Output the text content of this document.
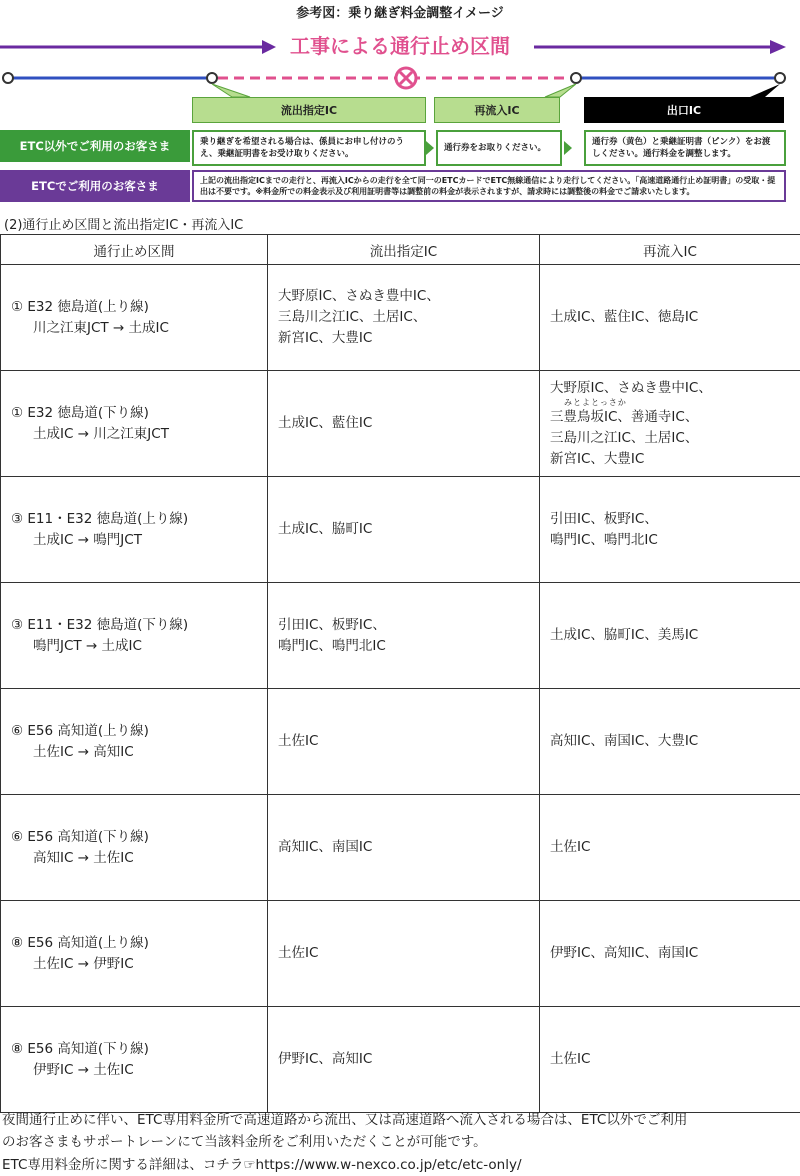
参考図：乗り継ぎ料金調整イメージ
工事による通行止め区間
流出指定IC	再流入IC	出口IC
ETC以外でご利用のお客さま
ETCでご利用のお客さま
乗り継ぎを希望される場合は、係員にお申し付けのうえ、乗継証明書をお受け取りください。
通行券をお取りください。
通行券（黄色）と乗継証明書（ピンク）をお渡しください。通行料金を調整します。
上記の流出指定ICまでの走行と、再流入ICからの走行を全て同一のETCカードでETC無線通信により走行してください。「高速道路通行止め証明書」の受取・提出は不要です。※料金所での料金表示及び利用証明書等は調整前の料金が表示されますが、請求時には調整後の料金でご請求いたします。
(2)通行止め区間と流出指定IC・再流入IC
通行止め区間	流出指定IC	再流入IC

① E32 徳島道(上り線)
川之江東JCT → 土成IC	大野原IC、さぬき豊中IC、
三島川之江IC、土居IC、
新宮IC、大豊IC	土成IC、藍住IC、徳島IC

① E32 徳島道(下り線)
土成IC → 川之江東JCT	土成IC、藍住IC	大野原IC、さぬき豊中IC、
みとよとっさか
三豊鳥坂IC、善通寺IC、
三島川之江IC、土居IC、
新宮IC、大豊IC

③ E11・E32 徳島道(上り線)
土成IC → 鳴門JCT	土成IC、脇町IC	引田IC、板野IC、
鳴門IC、鳴門北IC

③ E11・E32 徳島道(下り線)
鳴門JCT → 土成IC	引田IC、板野IC、
鳴門IC、鳴門北IC	土成IC、脇町IC、美馬IC

⑥ E56 高知道(上り線)
土佐IC → 高知IC	土佐IC	高知IC、南国IC、大豊IC

⑥ E56 高知道(下り線)
高知IC → 土佐IC	高知IC、南国IC	土佐IC

⑧ E56 高知道(上り線)
土佐IC → 伊野IC	土佐IC	伊野IC、高知IC、南国IC

⑧ E56 高知道(下り線)
伊野IC → 土佐IC	伊野IC、高知IC	土佐IC
夜間通行止めに伴い、ETC専用料金所で高速道路から流出、又は高速道路へ流入される場合は、ETC以外でご利用
のお客さまもサポートレーンにて当該料金所をご利用いただくことが可能です。
ETC専用料金所に関する詳細は、コチラ☞https://www.w-nexco.co.jp/etc/etc-only/
